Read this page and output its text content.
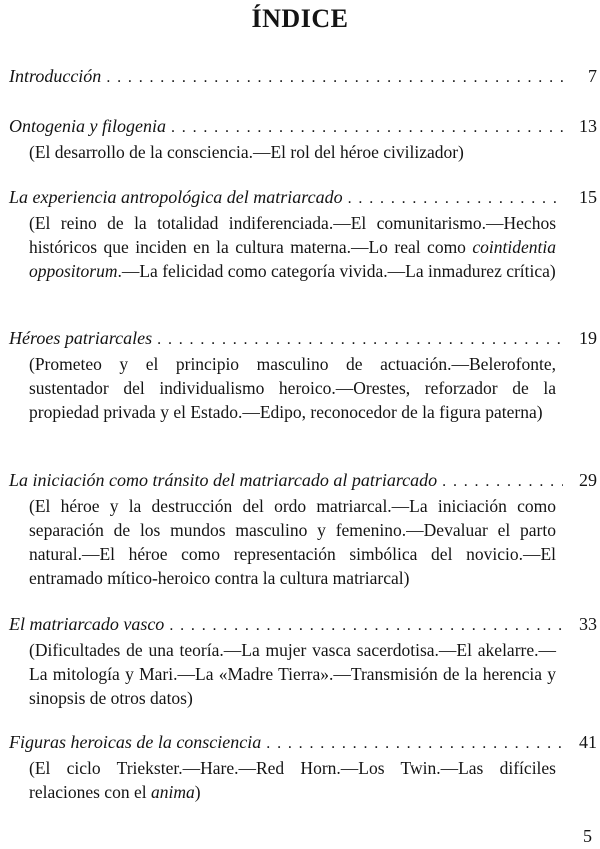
ÍNDICE
Introducción . . .	7
Ontogenia y filogenia . . .	13
(El desarrollo de la consciencia.—El rol del héroe civilizador)
La experiencia antropológica del matriarcado . . .	15
(El reino de la totalidad indiferenciada.—El comunitarismo.—Hechos históricos que inciden en la cultura materna.—Lo real como cointidentia oppositorum.—La felicidad como categoría vivida.—La inmadurez crítica)
Héroes patriarcales . . .	19
(Prometeo y el principio masculino de actuación.—Belerofonte, sustentador del individualismo heroico.—Orestes, reforzador de la propiedad privada y el Estado.—Edipo, reconocedor de la figura paterna)
La iniciación como tránsito del matriarcado al patriarcado . . .	29
(El héroe y la destrucción del ordo matriarcal.—La iniciación como separación de los mundos masculino y femenino.—Devaluar el parto natural.—El héroe como representación simbólica del novicio.—El entramado mítico-heroico contra la cultura matriarcal)
El matriarcado vasco . . .	33
(Dificultades de una teoría.—La mujer vasca sacerdotisa.—El akelarre.—La mitología y Mari.—La «Madre Tierra».—Transmisión de la herencia y sinopsis de otros datos)
Figuras heroicas de la consciencia . . .	41
(El ciclo Triekster.—Hare.—Red Horn.—Los Twin.—Las difíciles relaciones con el anima)
5
